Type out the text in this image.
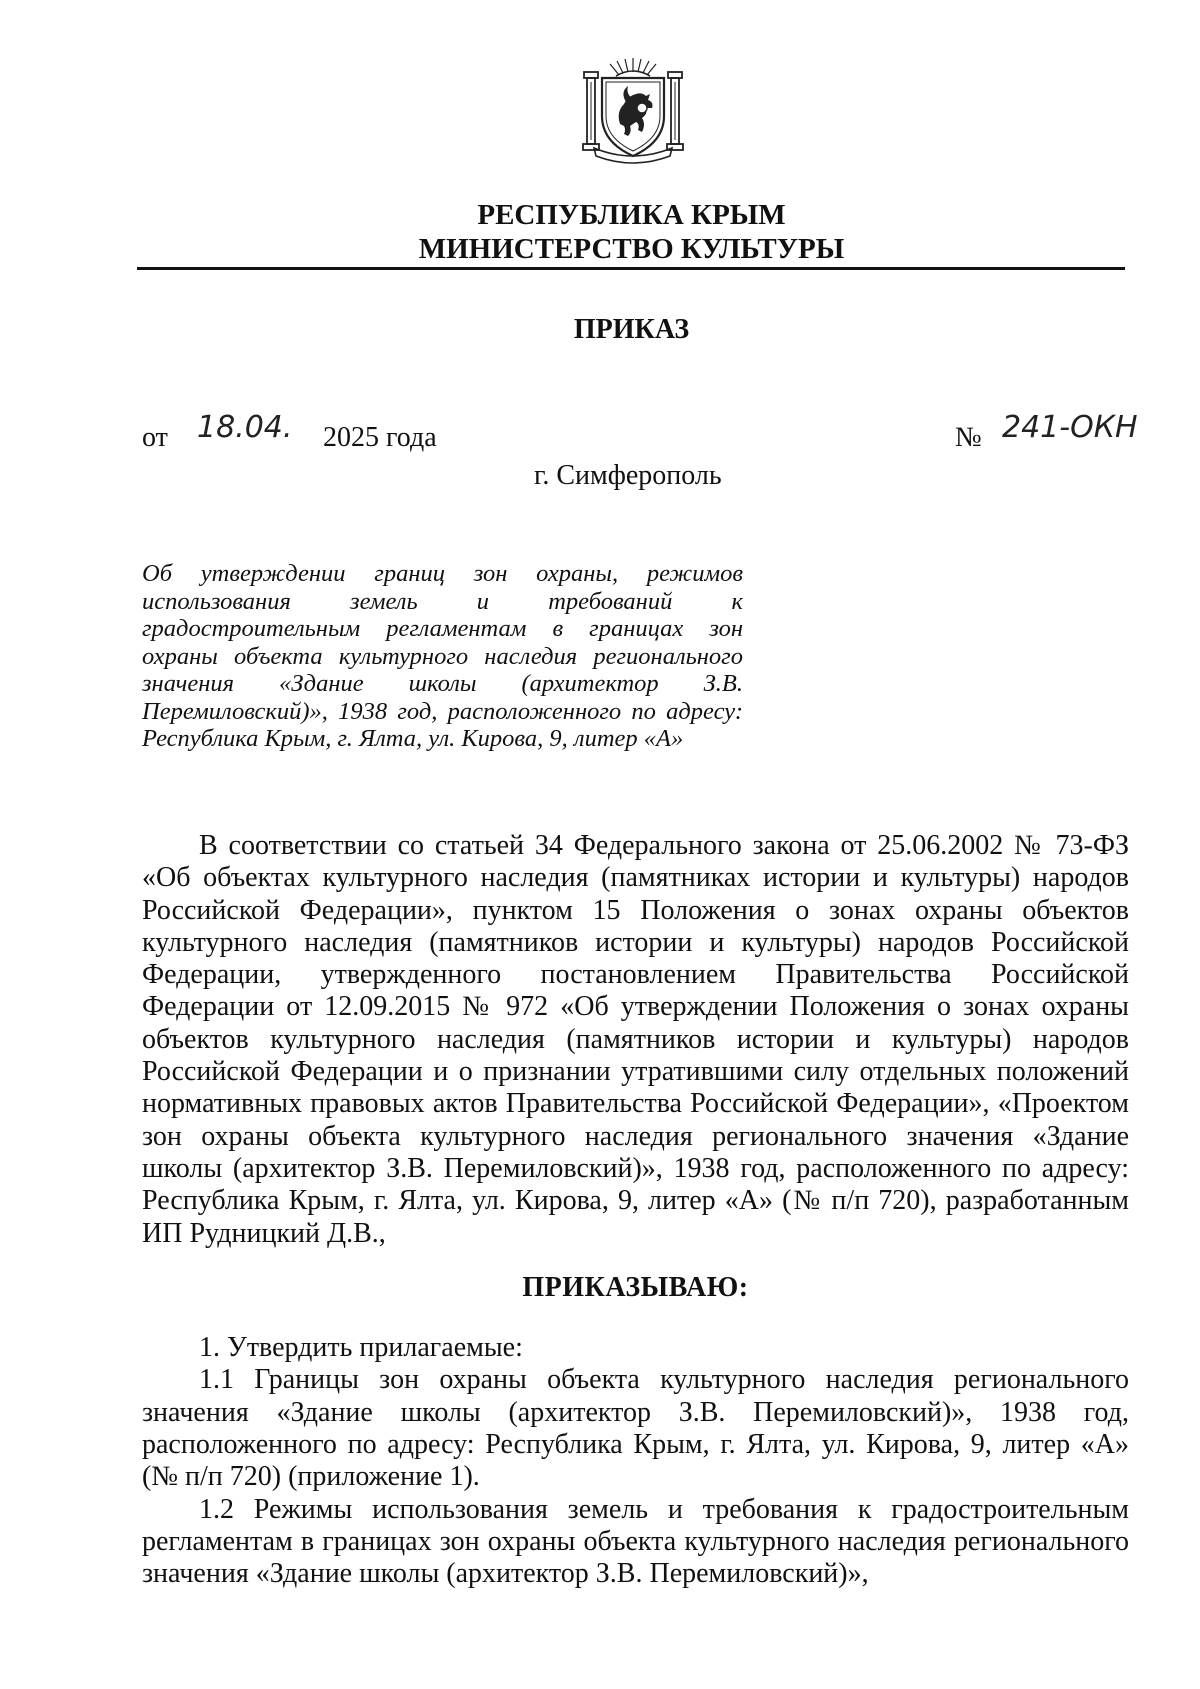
РЕСПУБЛИКА КРЫМ
МИНИСТЕРСТВО КУЛЬТУРЫ
ПРИКАЗ
от 18.04. 2025 года	№ 241-ОКН
г. Симферополь
Об утверждении границ зон охраны, режимов использования земель и требований к градостроительным регламентам в границах зон охраны объекта культурного наследия регионального значения «Здание школы (архитектор З.В. Перемиловский)», 1938 год, расположенного по адресу: Республика Крым, г. Ялта, ул. Кирова, 9, литер «А»

В соответствии со статьей 34 Федерального закона от 25.06.2002 № 73-ФЗ «Об объектах культурного наследия (памятниках истории и культуры) народов Российской Федерации», пунктом 15 Положения о зонах охраны объектов культурного наследия (памятников истории и культуры) народов Российской Федерации, утвержденного постановлением Правительства Российской Федерации от 12.09.2015 № 972 «Об утверждении Положения о зонах охраны объектов культурного наследия (памятников истории и культуры) народов Российской Федерации и о признании утратившими силу отдельных положений нормативных правовых актов Правительства Российской Федерации», «Проектом зон охраны объекта культурного наследия регионального значения «Здание школы (архитектор З.В. Перемиловский)», 1938 год, расположенного по адресу: Республика Крым, г. Ялта, ул. Кирова, 9, литер «А» (№ п/п 720), разработанным ИП Рудницкий Д.В.,

ПРИКАЗЫВАЮ:

1. Утвердить прилагаемые:

1.1 Границы зон охраны объекта культурного наследия регионального значения «Здание школы (архитектор З.В. Перемиловский)», 1938 год, расположенного по адресу: Республика Крым, г. Ялта, ул. Кирова, 9, литер «А» (№ п/п 720) (приложение 1).

1.2 Режимы использования земель и требования к градостроительным регламентам в границах зон охраны объекта культурного наследия регионального значения «Здание школы (архитектор З.В. Перемиловский)»,
